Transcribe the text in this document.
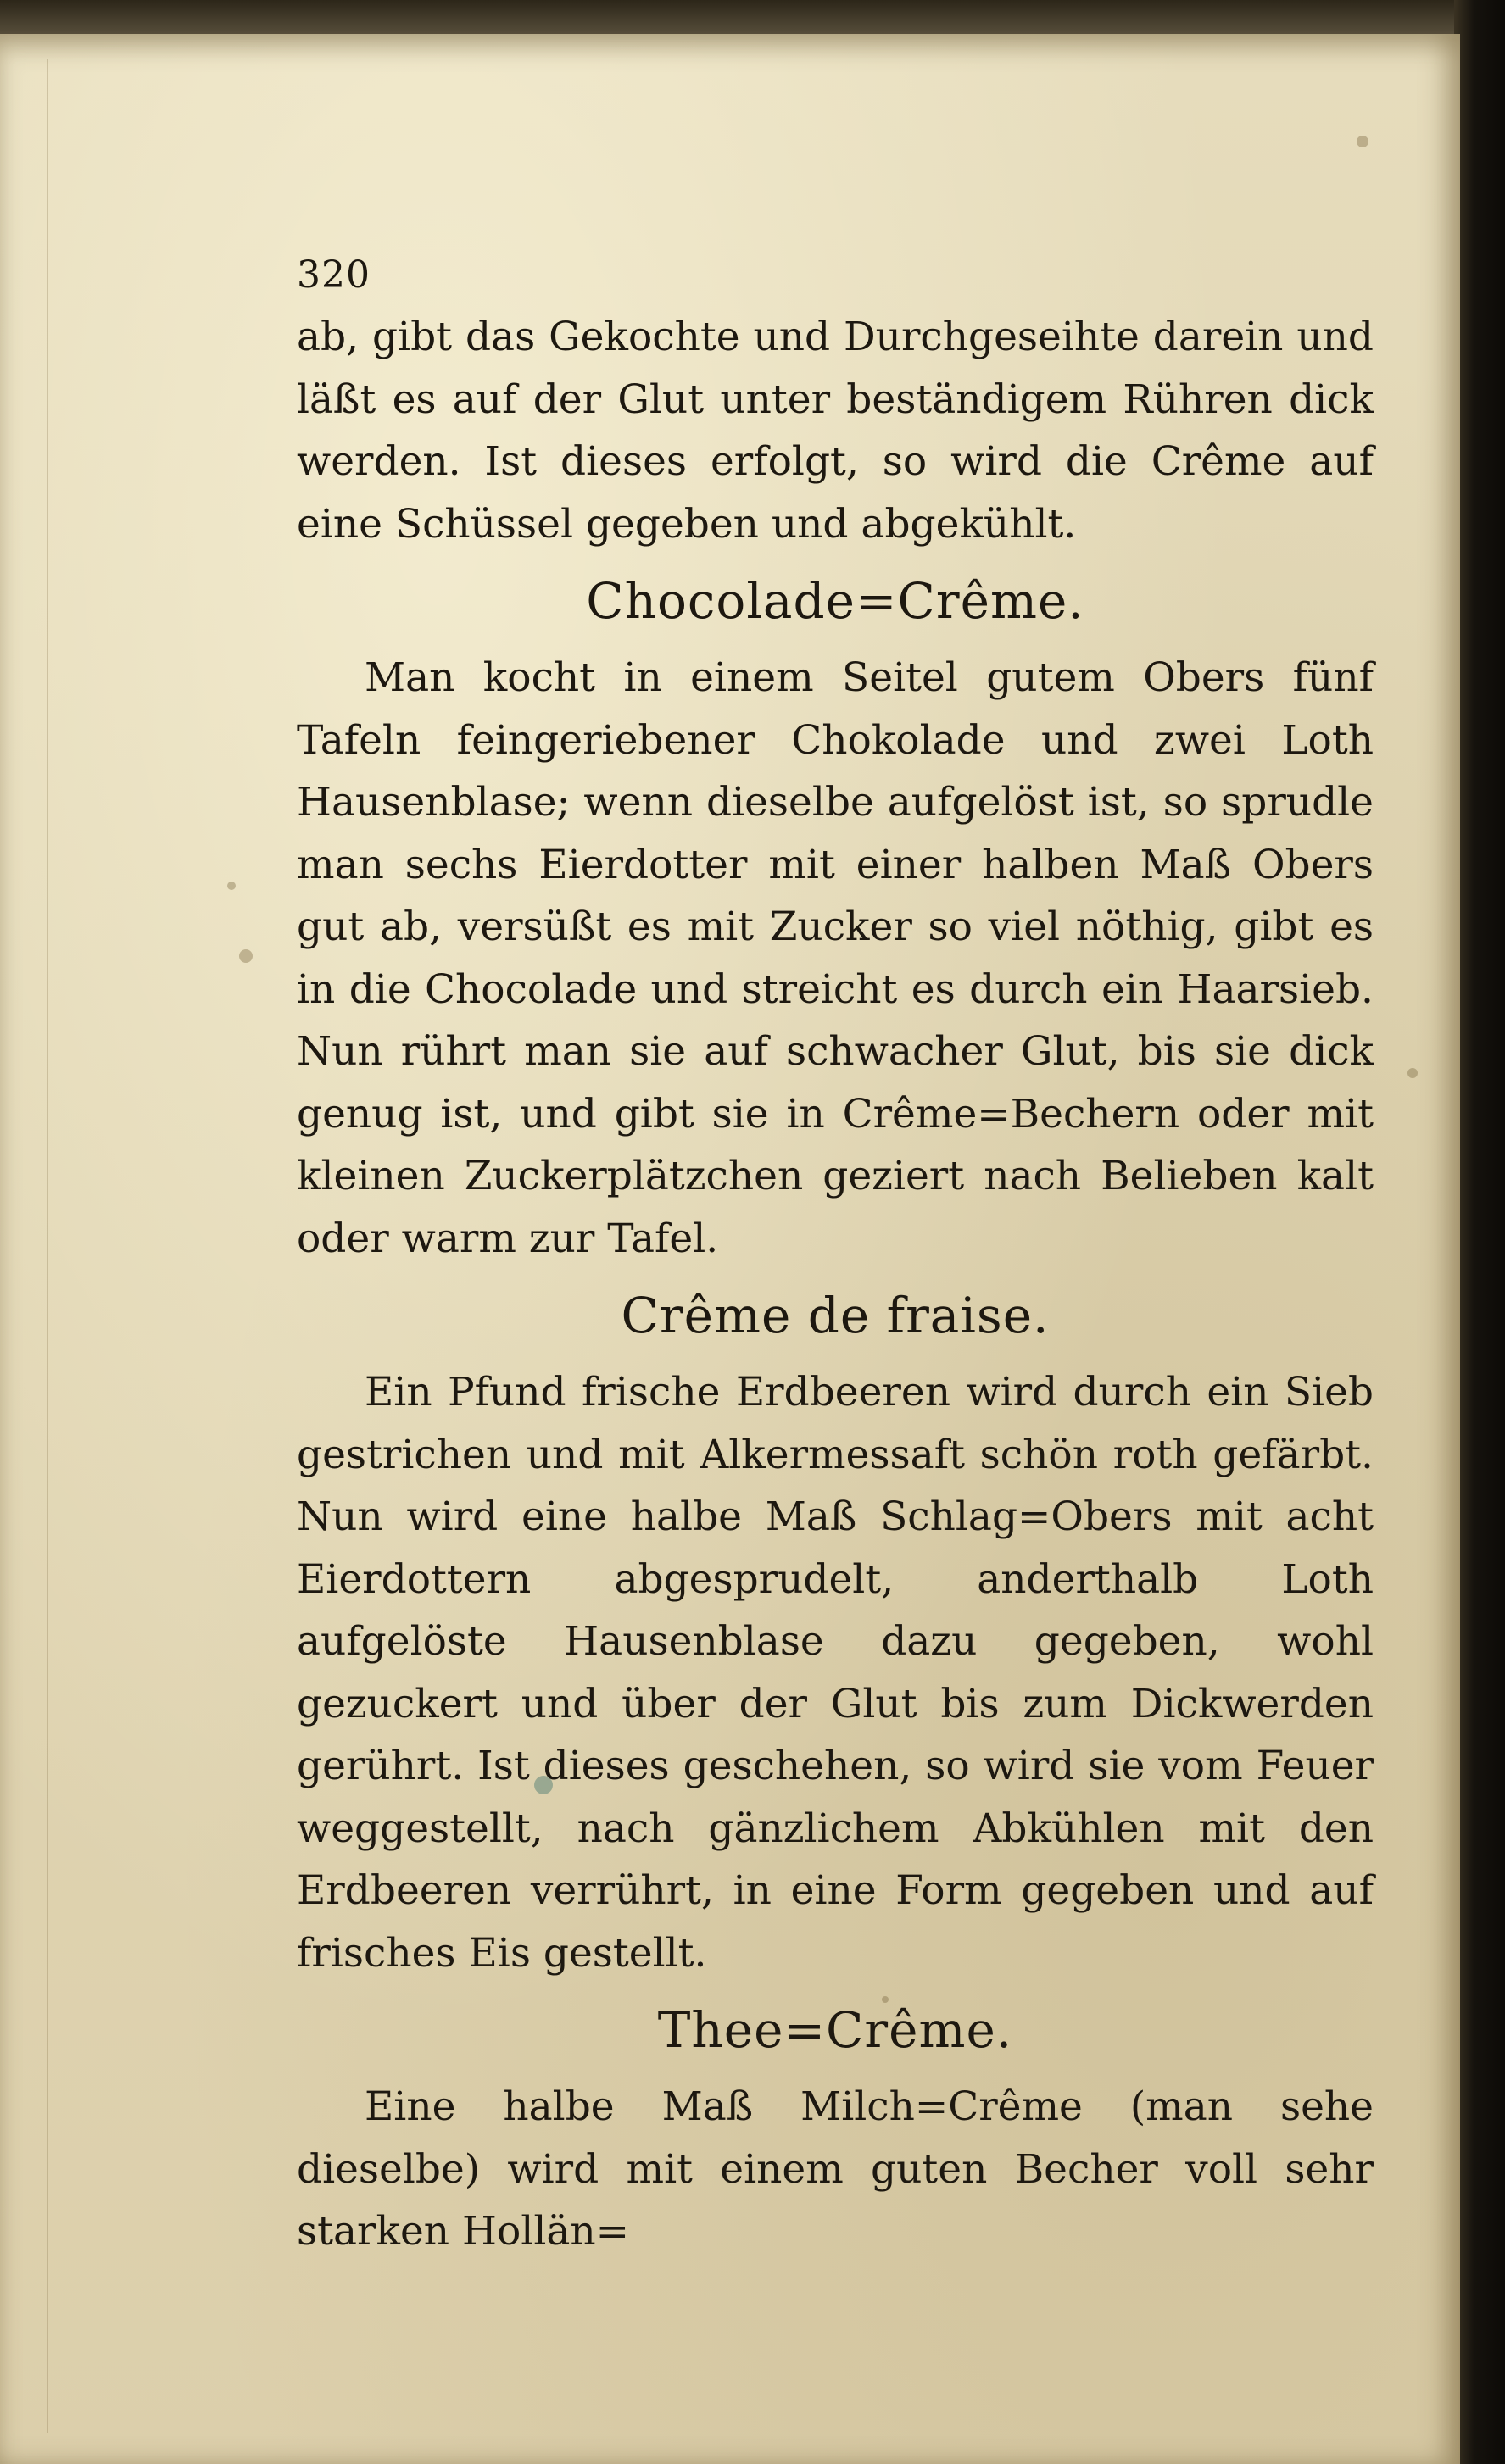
320

ab, gibt das Gekochte und Durchgeseihte darein und läßt es auf der Glut unter beständigem Rühren dick werden. Ist dieses erfolgt, so wird die Crême auf eine Schüssel gegeben und abgekühlt.

Chocolade=Crême.

Man kocht in einem Seitel gutem Obers fünf Tafeln feingeriebener Chokolade und zwei Loth Hausenblase; wenn dieselbe aufgelöst ist, so sprudle man sechs Eierdotter mit einer halben Maß Obers gut ab, versüßt es mit Zucker so viel nöthig, gibt es in die Chocolade und streicht es durch ein Haarsieb. Nun rührt man sie auf schwacher Glut, bis sie dick genug ist, und gibt sie in Crême=Bechern oder mit kleinen Zuckerplätzchen geziert nach Belieben kalt oder warm zur Tafel.

Crême de fraise.

Ein Pfund frische Erdbeeren wird durch ein Sieb gestrichen und mit Alkermessaft schön roth gefärbt. Nun wird eine halbe Maß Schlag=Obers mit acht Eierdottern abgesprudelt, anderthalb Loth aufgelöste Hausenblase dazu gegeben, wohl gezuckert und über der Glut bis zum Dickwerden gerührt. Ist dieses geschehen, so wird sie vom Feuer weggestellt, nach gänzlichem Abkühlen mit den Erdbeeren verrührt, in eine Form gegeben und auf frisches Eis gestellt.

Thee=Crême.

Eine halbe Maß Milch=Crême (man sehe dieselbe) wird mit einem guten Becher voll sehr starken Hollän=
